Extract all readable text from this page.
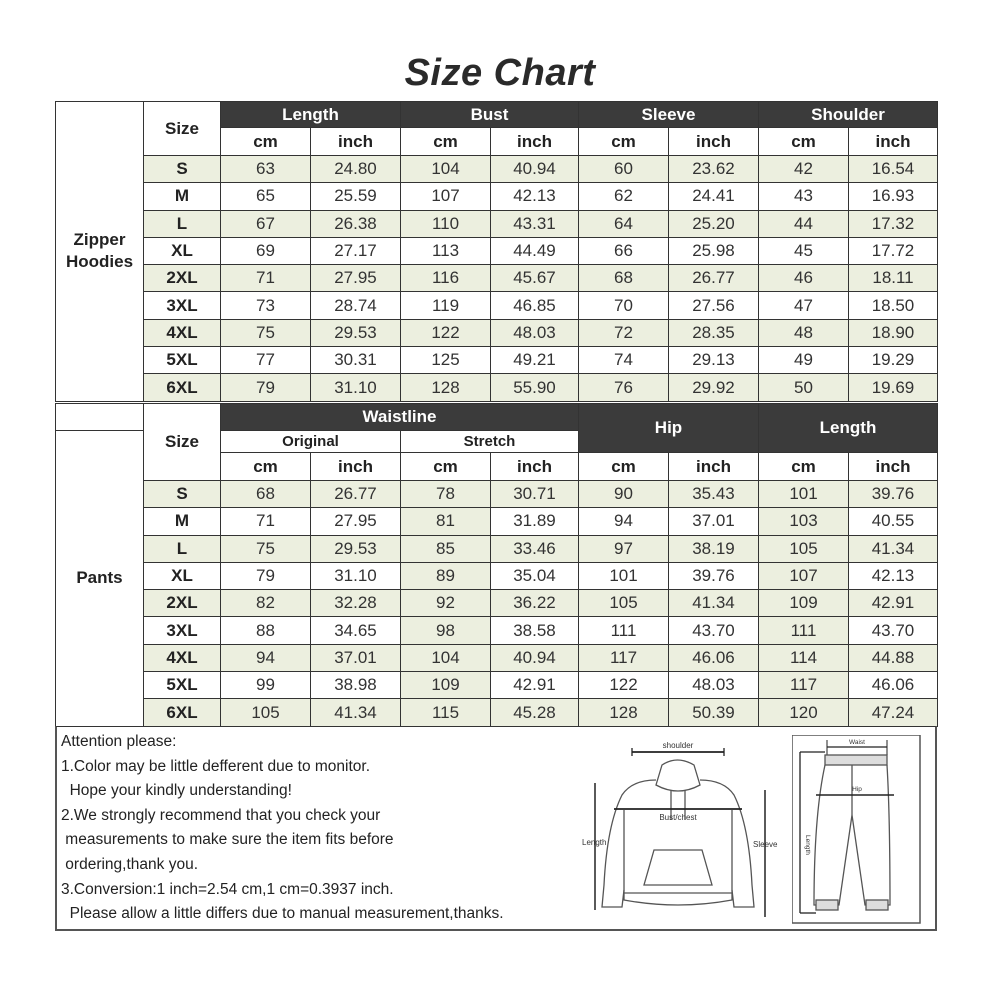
Size Chart
Zipper
Hoodies	Size	Length		Bust		Sleeve		Shoulder	
		cm	inch	cm	inch	cm	inch	cm	inch
	S	63	24.80	104	40.94	60	23.62	42	16.54
	M	65	25.59	107	42.13	62	24.41	43	16.93
	L	67	26.38	110	43.31	64	25.20	44	17.32
	XL	69	27.17	113	44.49	66	25.98	45	17.72
	2XL	71	27.95	116	45.67	68	26.77	46	18.11
	3XL	73	28.74	119	46.85	70	27.56	47	18.50
	4XL	75	29.53	122	48.03	72	28.35	48	18.90
	5XL	77	30.31	125	49.21	74	29.13	49	19.29
	6XL	79	31.10	128	55.90	76	29.92	50	19.69
	Size	Waistline				Hip		Length	
Pants		Original		Stretch					
		cm	inch	cm	inch	cm	inch	cm	inch
	S	68	26.77	78	30.71	90	35.43	101	39.76
	M	71	27.95	81	31.89	94	37.01	103	40.55
	L	75	29.53	85	33.46	97	38.19	105	41.34
	XL	79	31.10	89	35.04	101	39.76	107	42.13
	2XL	82	32.28	92	36.22	105	41.34	109	42.91
	3XL	88	34.65	98	38.58	111	43.70	111	43.70
	4XL	94	37.01	104	40.94	117	46.06	114	44.88
	5XL	99	38.98	109	42.91	122	48.03	117	46.06
	6XL	105	41.34	115	45.28	128	50.39	120	47.24
Attention please:
1.Color may be little defferent due to monitor.
Hope your kindly understanding!
2.We strongly recommend that you check your
measurements to make sure the item fits before
ordering,thank you.
3.Conversion:1 inch=2.54 cm,1 cm=0.3937 inch.
Please allow a little differs due to manual measurement,thanks.
shoulder
Bust/chest
Length	Sleeve
Waist
Hip
Length
